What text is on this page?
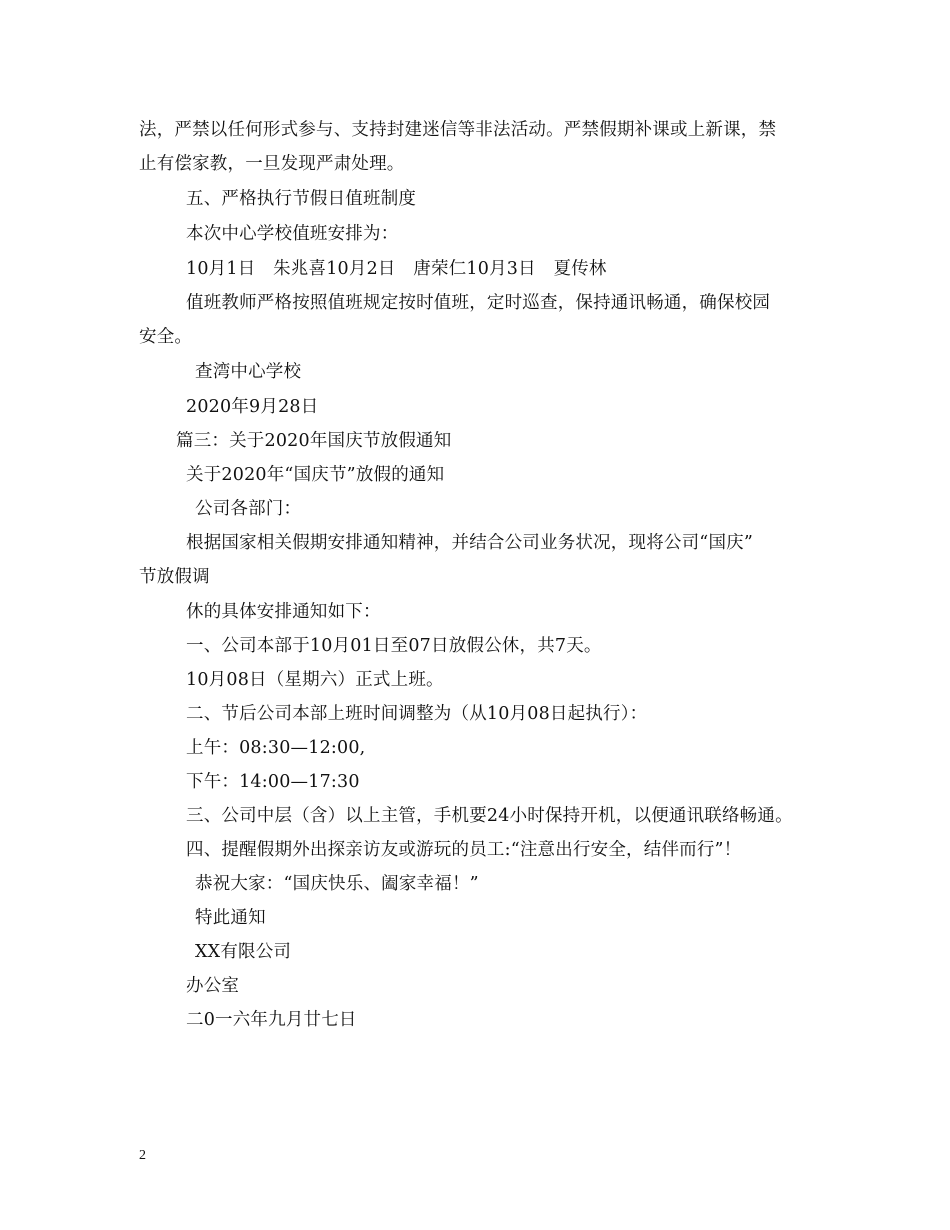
法，严禁以任何形式参与、支持封建迷信等非法活动。严禁假期补课或上新课，禁
止有偿家教，一旦发现严肃处理。
五、严格执行节假日值班制度
本次中心学校值班安排为：
10月1日　朱兆喜10月2日　唐荣仁10月3日　夏传林
值班教师严格按照值班规定按时值班，定时巡查，保持通讯畅通，确保校园
安全。
查湾中心学校
2020年9月28日
篇三：关于2020年国庆节放假通知
关于2020年“国庆节”放假的通知
公司各部门：
根据国家相关假期安排通知精神，并结合公司业务状况，现将公司“国庆”
节放假调
休的具体安排通知如下：
一、公司本部于10月01日至07日放假公休，共7天。
10月08日（星期六）正式上班。
二、节后公司本部上班时间调整为（从10月08日起执行）：
上午：08:30—12:00,
下午：14:00—17:30
三、公司中层（含）以上主管，手机要24小时保持开机，以便通讯联络畅通。
四、提醒假期外出探亲访友或游玩的员工:“注意出行安全，结伴而行”！
恭祝大家：“国庆快乐、阖家幸福！”
特此通知
XX有限公司
办公室
二0一六年九月廿七日
2
